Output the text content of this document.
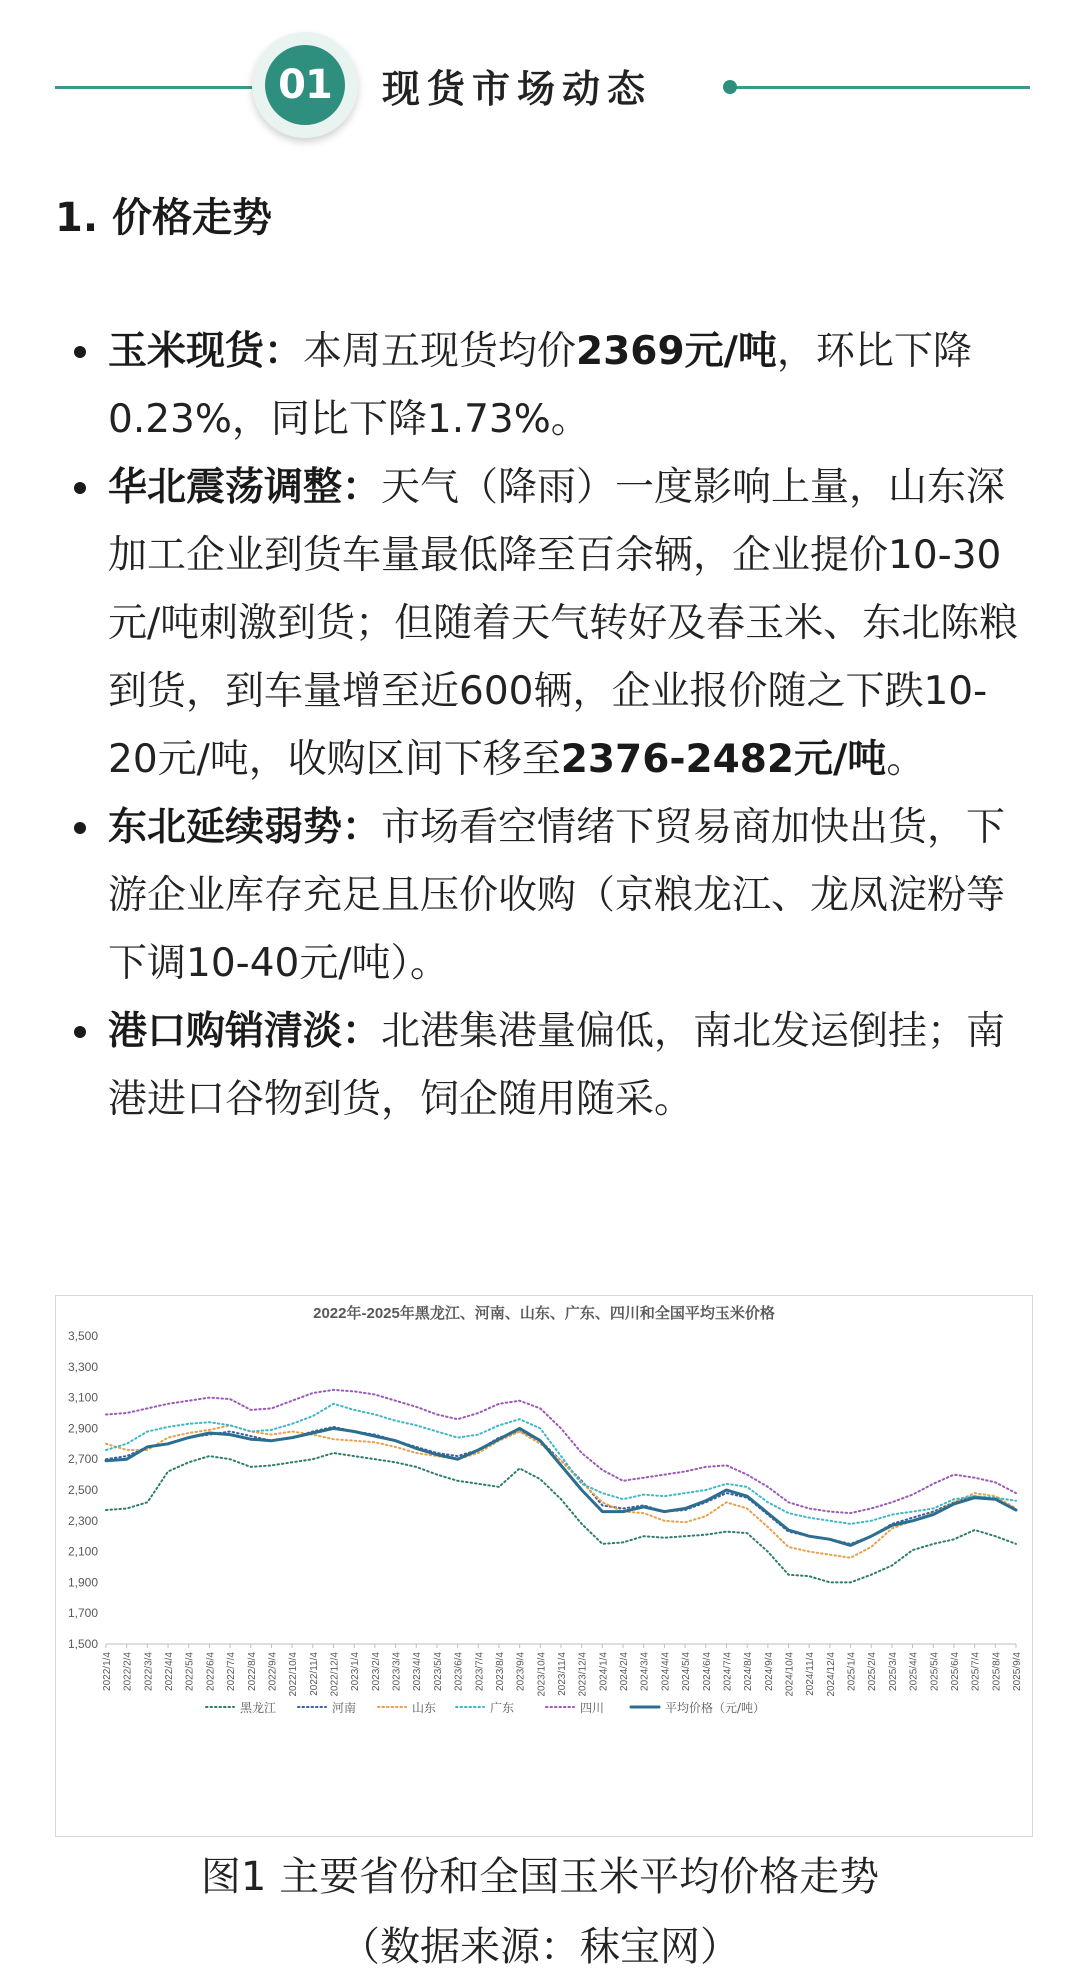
01	现货市场动态
1. 价格走势
玉米现货：本周五现货均价2369元/吨，环比下降0.23%，同比下降1.73%。
华北震荡调整：天气（降雨）一度影响上量，山东深加工企业到货车量最低降至百余辆，企业提价10-30元/吨刺激到货；但随着天气转好及春玉米、东北陈粮到货，到车量增至近600辆，企业报价随之下跌10-20元/吨，收购区间下移至2376-2482元/吨。
东北延续弱势：市场看空情绪下贸易商加快出货，下游企业库存充足且压价收购（京粮龙江、龙凤淀粉等下调10-40元/吨）。
港口购销清淡：北港集港量偏低，南北发运倒挂；南港进口谷物到货，饲企随用随采。
2022年-2025年黑龙江、河南、山东、广东、四川和全国平均玉米价格
1,500
1,700
1,900
2,100
2,300
2,500
2,700
2,900
3,100
3,300
3,500
2022/1/4 2022/2/4 2022/3/4 2022/4/4 2022/5/4 2022/6/4 2022/7/4 2022/8/4 2022/9/4 2022/10/4 2022/11/4 2022/12/4 2023/1/4 2023/2/4 2023/3/4 2023/4/4 2023/5/4 2023/6/4 2023/7/4 2023/8/4 2023/9/4 2023/10/4 2023/11/4 2023/12/4 2024/1/4 2024/2/4 2024/3/4 2024/4/4 2024/5/4 2024/6/4 2024/7/4 2024/8/4 2024/9/4 2024/10/4 2024/11/4 2024/12/4 2025/1/4 2025/2/4 2025/3/4 2025/4/4 2025/5/4 2025/6/4 2025/7/4 2025/8/4 2025/9/4
黑龙江	河南	山东	广东	四川	平均价格（元/吨）
图1 主要省份和全国玉米平均价格走势
（数据来源：秣宝网）
